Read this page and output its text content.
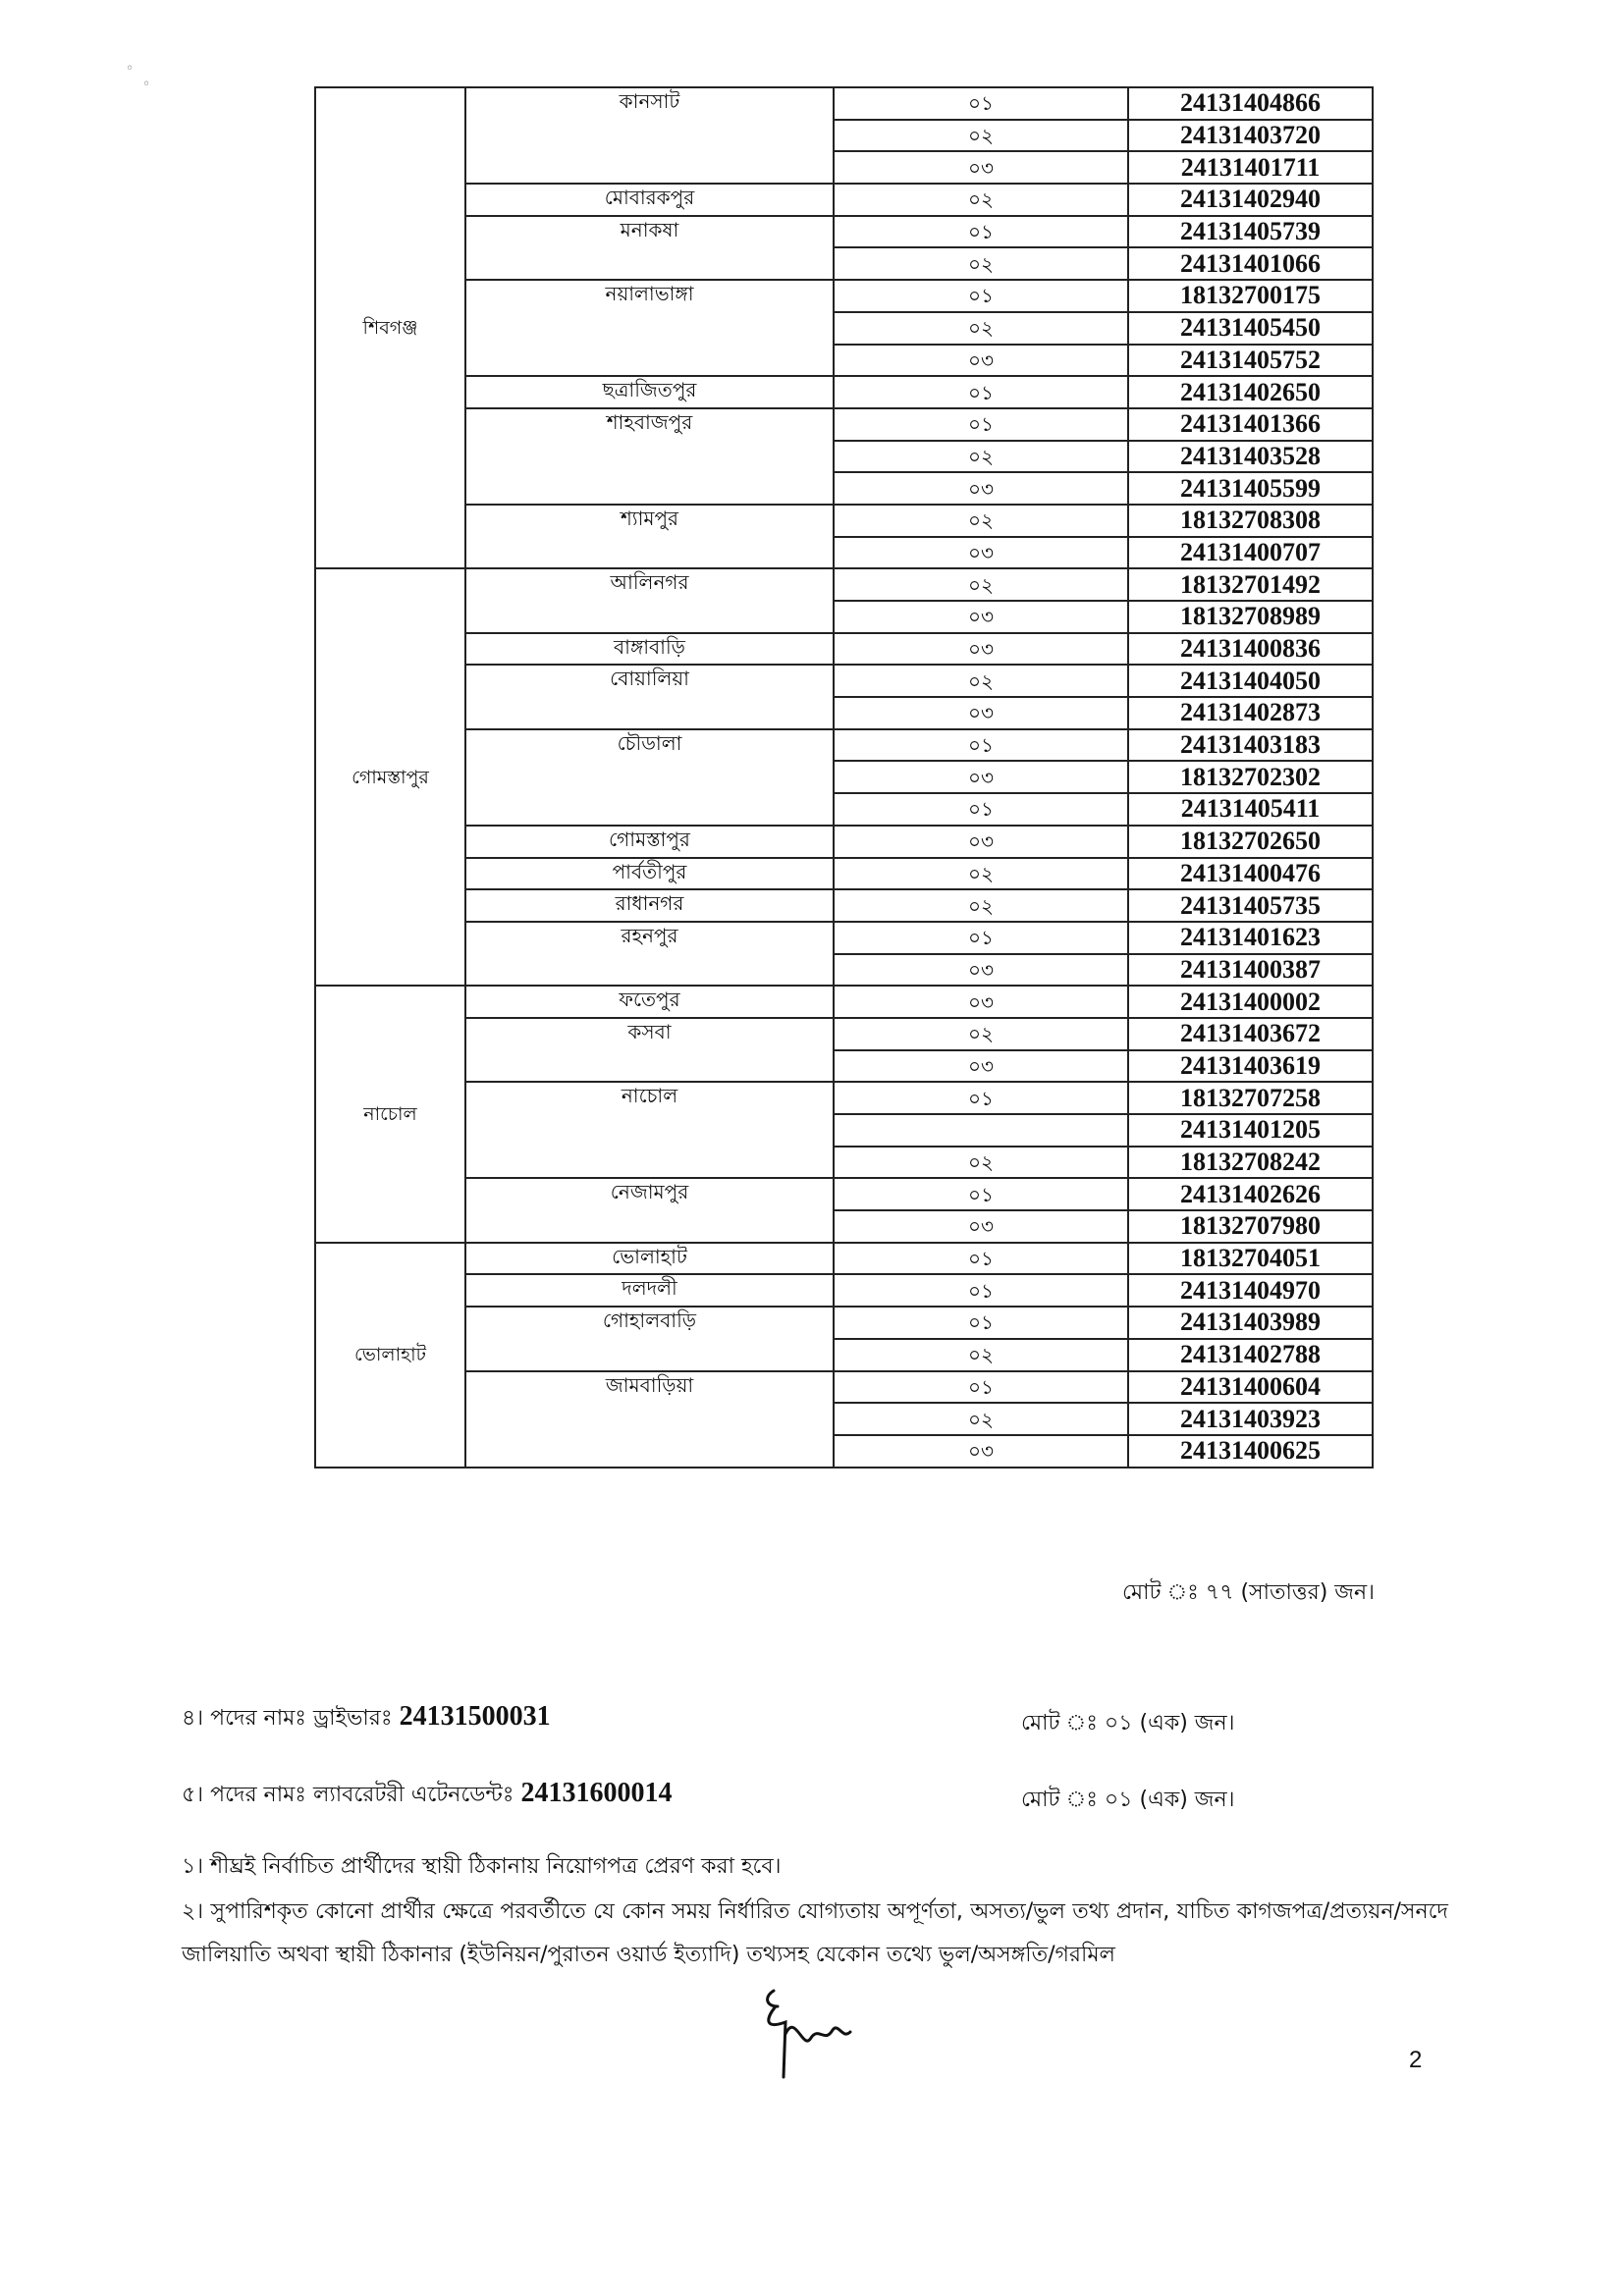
◦
◦
শিবগঞ্জ	কানসাট	০১	24131404866
		০২	24131403720
		০৩	24131401711
	মোবারকপুর	০২	24131402940
	মনাকষা	০১	24131405739
		০২	24131401066
	নয়ালাভাঙ্গা	০১	18132700175
		০২	24131405450
		০৩	24131405752
	ছত্রাজিতপুর	০১	24131402650
	শাহবাজপুর	০১	24131401366
		০২	24131403528
		০৩	24131405599
	শ্যামপুর	০২	18132708308
		০৩	24131400707
গোমস্তাপুর	আলিনগর	০২	18132701492
		০৩	18132708989
	বাঙ্গাবাড়ি	০৩	24131400836
	বোয়ালিয়া	০২	24131404050
		০৩	24131402873
	চৌডালা	০১	24131403183
		০৩	18132702302
		০১	24131405411
	গোমস্তাপুর	০৩	18132702650
	পার্বতীপুর	০২	24131400476
	রাধানগর	০২	24131405735
	রহনপুর	০১	24131401623
		০৩	24131400387
নাচোল	ফতেপুর	০৩	24131400002
	কসবা	০২	24131403672
		০৩	24131403619
	নাচোল	০১	18132707258
			24131401205
		০২	18132708242
	নেজামপুর	০১	24131402626
		০৩	18132707980
ভোলাহাট	ভোলাহাট	০১	18132704051
	দলদলী	০১	24131404970
	গোহালবাড়ি	০১	24131403989
		০২	24131402788
	জামবাড়িয়া	০১	24131400604
		০২	24131403923
		০৩	24131400625
মোট ঃ ৭৭ (সাতাত্তর) জন।
৪। পদের নামঃ ড্রাইভারঃ 24131500031	মোট ঃ ০১ (এক) জন।
৫। পদের নামঃ ল্যাবরেটরী এটেনডেন্টঃ 24131600014	মোট ঃ ০১ (এক) জন।
১। শীঘ্রই নির্বাচিত প্রার্থীদের স্থায়ী ঠিকানায় নিয়োগপত্র প্রেরণ করা হবে।
২। সুপারিশকৃত কোনো প্রার্থীর ক্ষেত্রে পরবর্তীতে যে কোন সময় নির্ধারিত যোগ্যতায় অপূর্ণতা, অসত্য/ভুল তথ্য প্রদান, যাচিত কাগজপত্র/প্রত্যয়ন/সনদে জালিয়াতি অথবা স্থায়ী ঠিকানার (ইউনিয়ন/পুরাতন ওয়ার্ড ইত্যাদি) তথ্যসহ যেকোন তথ্যে ভুল/অসঙ্গতি/গরমিল
2
